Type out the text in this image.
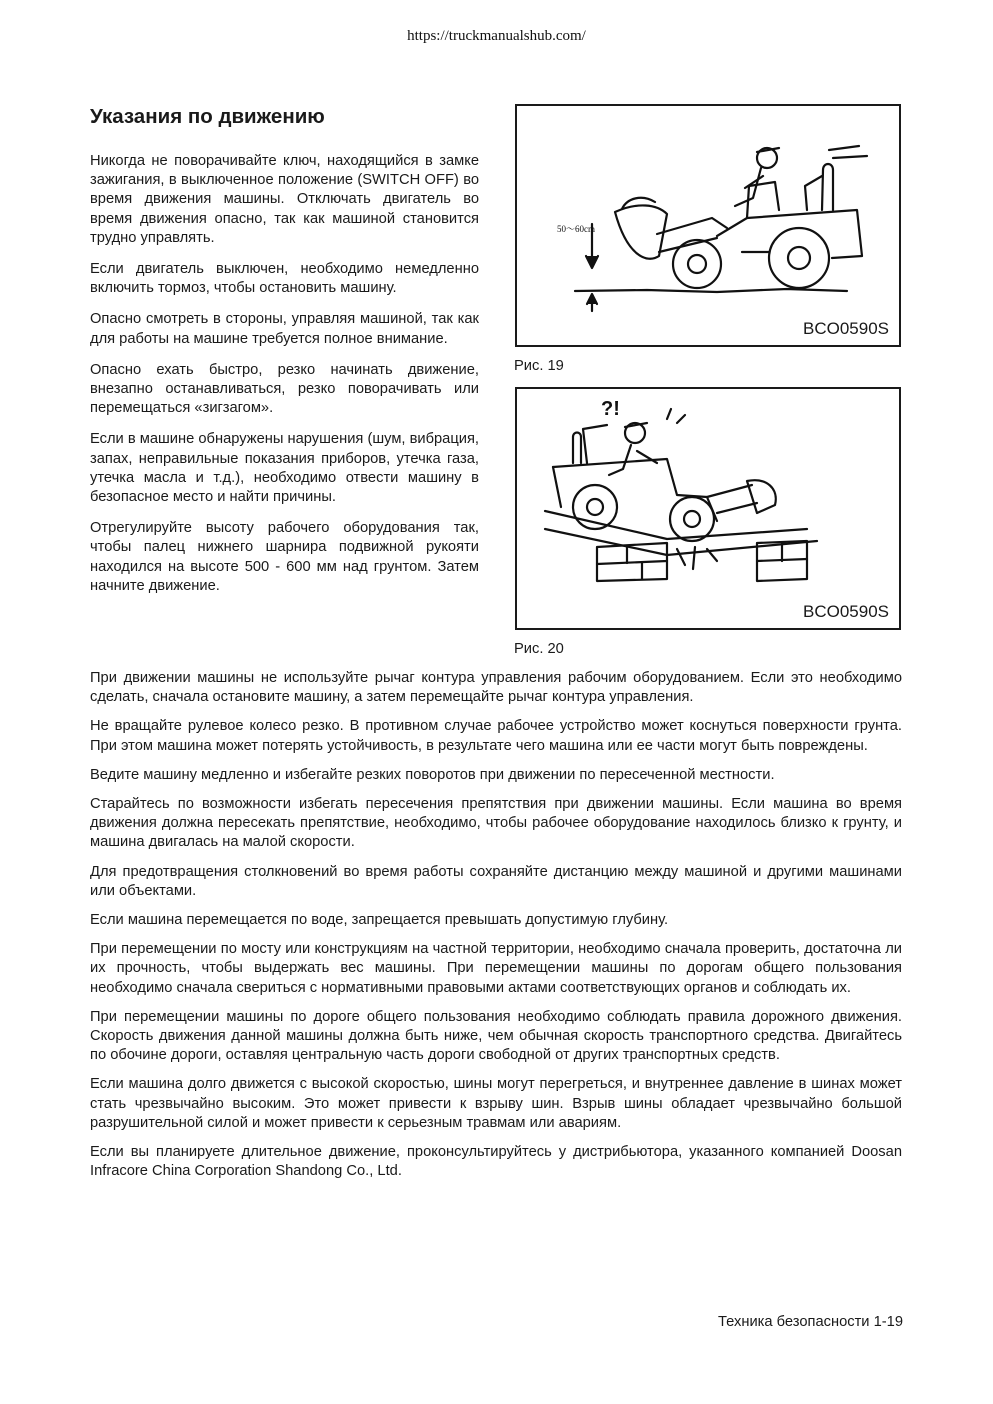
https://truckmanualshub.com/
Указания по движению

Никогда не поворачивайте ключ, находящийся в замке зажигания, в выключенное положение (SWITCH OFF) во время движения машины. Отключать двигатель во время движения опасно, так как машиной становится трудно управлять.

Если двигатель выключен, необходимо немедленно включить тормоз, чтобы остановить машину.

Опасно смотреть в стороны, управляя машиной, так как для работы на машине требуется полное внимание.

Опасно ехать быстро, резко начинать движение, внезапно останавливаться, резко поворачивать или перемещаться «зигзагом».

Если в машине обнаружены нарушения (шум, вибрация, запах, неправильные показания приборов, утечка газа, утечка масла и т.д.), необходимо отвести машину в безопасное место и найти причины.

Отрегулируйте высоту рабочего оборудования так, чтобы палец нижнего шарнира подвижной рукояти находился на высоте 500 - 600 мм над грунтом. Затем начните движение.

50～60cm
BCO0590S
Рис. 19
?!
BCO0590S
Рис. 20

При движении машины не используйте рычаг контура управления рабочим оборудованием. Если это необходимо сделать, сначала остановите машину, а затем перемещайте рычаг контура управления.

Не вращайте рулевое колесо резко. В противном случае рабочее устройство может коснуться поверхности грунта. При этом машина может потерять устойчивость, в результате чего машина или ее части могут быть повреждены.

Ведите машину медленно и избегайте резких поворотов при движении по пересеченной местности.

Старайтесь по возможности избегать пересечения препятствия при движении машины. Если машина во время движения должна пересекать препятствие, необходимо, чтобы рабочее оборудование находилось близко к грунту, и машина двигалась на малой скорости.

Для предотвращения столкновений во время работы сохраняйте дистанцию между машиной и другими машинами или объектами.

Если машина перемещается по воде, запрещается превышать допустимую глубину.

При перемещении по мосту или конструкциям на частной территории, необходимо сначала проверить, достаточна ли их прочность, чтобы выдержать вес машины. При перемещении машины по дорогам общего пользования необходимо сначала свериться с нормативными правовыми актами соответствующих органов и соблюдать их.

При перемещении машины по дороге общего пользования необходимо соблюдать правила дорожного движения. Скорость движения данной машины должна быть ниже, чем обычная скорость транспортного средства. Двигайтесь по обочине дороги, оставляя центральную часть дороги свободной от других транспортных средств.

Если машина долго движется с высокой скоростью, шины могут перегреться, и внутреннее давление в шинах может стать чрезвычайно высоким. Это может привести к взрыву шин. Взрыв шины обладает чрезвычайно большой разрушительной силой и может привести к серьезным травмам или авариям.

Если вы планируете длительное движение, проконсультируйтесь у дистрибьютора, указанного компанией Doosan Infracore China Corporation Shandong Co., Ltd.

Техника безопасности 1-19
